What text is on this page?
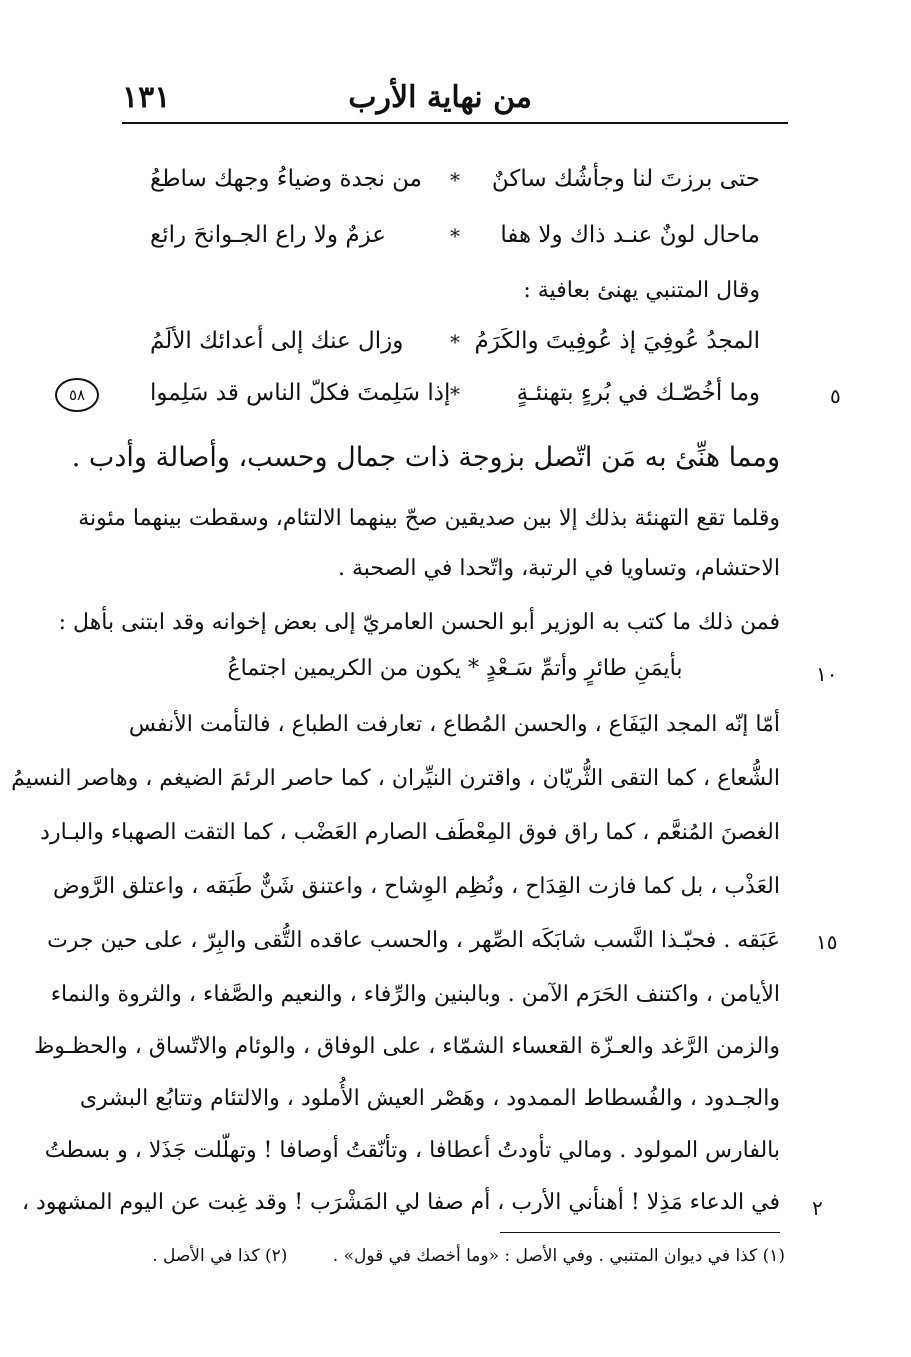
من نهاية الأرب
١٣١
حتى برزتَ لنا وجأشُك ساكنٌ
*
من نجدة وضياءُ وجهك ساطعُ
ماحال لونٌ عنـد ذاك ولا هفا
*
عزمٌ ولا راع الجـوانحَ رائع
وقال المتنبي يهنئ بعافية :
المجدُ عُوفِيَ إذ عُوفِيتَ والكَرَمُ
*
وزال عنك إلى أعدائك الألَمُ
وما أخُصّـك في بُرءٍ بتهنئـةٍ
*
إذا سَلِمتَ فكلّ الناس قد سَلِموا
٥٨	٥
ومما هنِّئ به مَن اتّصل بزوجة ذات جمال وحسب، وأصالة وأدب .
وقلما تقع التهنئة بذلك إلا بين صديقين صحّ بينهما الالتئام، وسقطت بينهما مئونة
الاحتشام، وتساويا في الرتبة، واتّحدا في الصحبة .
فمن ذلك ما كتب به الوزير أبو الحسن العامريّ إلى بعض إخوانه وقد ابتنى بأهل :
بأيمَنِ طائرٍ وأتمِّ سَـعْدٍ * يكون من الكريمين اجتماعُ	١٠
أمّا إنّه المجد اليَفَاع ، والحسن المُطاع ، تعارفت الطباع ، فالتأمت الأنفس
الشُّعاع ، كما التقى الثُّريّان ، واقترن النيِّران ، كما حاصر الرئمَ الضيغم ، وهاصر النسيمُ
الغصنَ المُنعَّم ، كما راق فوق المِعْطَف الصارم العَضْب ، كما التقت الصهباء والبـارد
العَذْب ، بل كما فازت القِدَاح ، ونُظِم الوِشاح ، واعتنق شَنٌّ طَبَقه ، واعتلق الرَّوض
عَبَقه . فحبّـذا النَّسب شابَكَه الصِّهر ، والحسب عاقده التُّقى والبِرّ ، على حين جرت ١٥
الأيامن ، واكتنف الحَرَم الآمن . وبالبنين والرِّفاء ، والنعيم والصَّفاء ، والثروة والنماء
والزمن الرَّغد والعـزّة القعساء الشمّاء ، على الوفاق ، والوئام والاتّساق ، والحظـوظ
والجـدود ، والفُسطاط الممدود ، وهَصْر العيش الأُملود ، والالتئام وتتابُع البشرى
بالفارس المولود . ومالي تأودتُ أعطافا ، وتأنّقتُ أوصافا ! وتهلّلت جَذَلا ، و بسطتُ
في الدعاء مَذِلا ! أهنأني الأرب ، أم صفا لي المَشْرَب ! وقد غِبت عن اليوم المشهود ، ٢
(١) كذا في ديوان المتنبي . وفي الأصل : «وما أخصك في قول» . (٢) كذا في الأصل .
